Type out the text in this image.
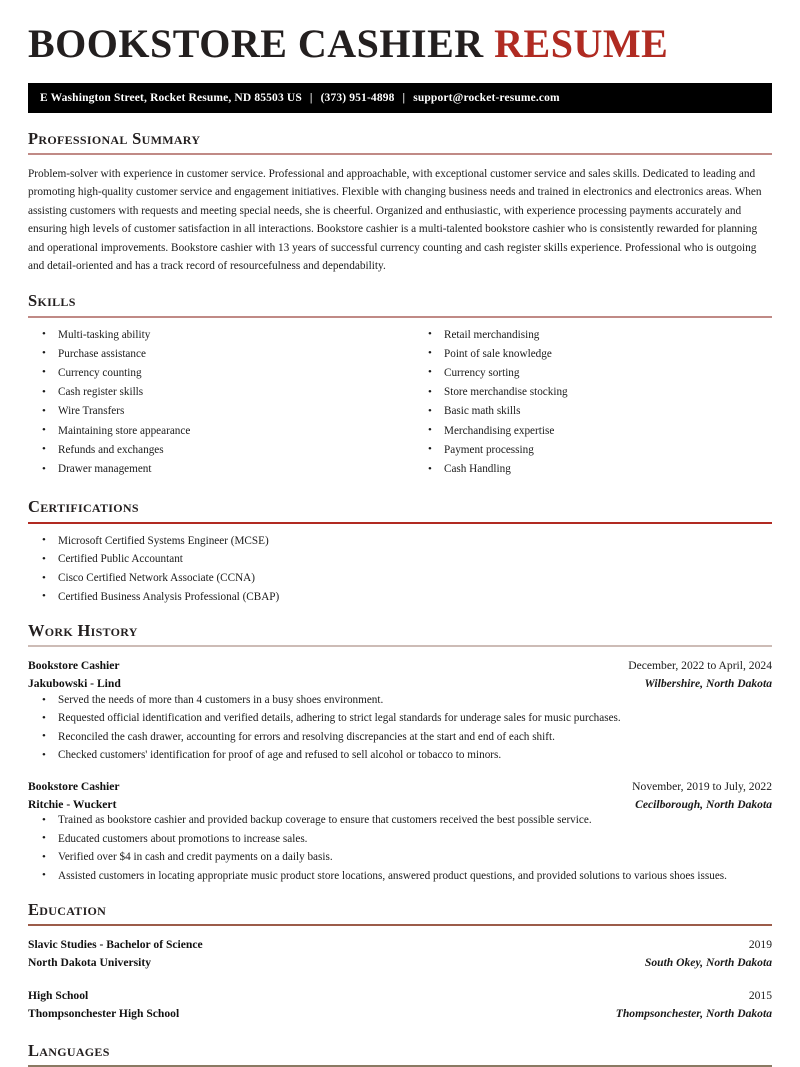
BOOKSTORE CASHIER RESUME
E Washington Street, Rocket Resume, ND 85503 US | (373) 951-4898 | support@rocket-resume.com
Professional Summary

Problem-solver with experience in customer service. Professional and approachable, with exceptional customer service and sales skills. Dedicated to leading and promoting high-quality customer service and engagement initiatives. Flexible with changing business needs and trained in electronics and electronics areas. When assisting customers with requests and meeting special needs, she is cheerful. Organized and enthusiastic, with experience processing payments accurately and ensuring high levels of customer satisfaction in all interactions. Bookstore cashier is a multi-talented bookstore cashier who is consistently rewarded for planning and operational improvements. Bookstore cashier with 13 years of successful currency counting and cash register skills experience. Professional who is outgoing and detail-oriented and has a track record of resourcefulness and dependability.

Skills
• Multi-tasking ability
• Purchase assistance
• Currency counting
• Cash register skills
• Wire Transfers
• Maintaining store appearance
• Refunds and exchanges
• Drawer management
• Retail merchandising
• Point of sale knowledge
• Currency sorting
• Store merchandise stocking
• Basic math skills
• Merchandising expertise
• Payment processing
• Cash Handling
Certifications
• Microsoft Certified Systems Engineer (MCSE)
• Certified Public Accountant
• Cisco Certified Network Associate (CCNA)
• Certified Business Analysis Professional (CBAP)
Work History
Bookstore Cashier	December, 2022 to April, 2024
Jakubowski - Lind	Wilbershire, North Dakota
• Served the needs of more than 4 customers in a busy shoes environment.
• Requested official identification and verified details, adhering to strict legal standards for underage sales for music purchases.
• Reconciled the cash drawer, accounting for errors and resolving discrepancies at the start and end of each shift.
• Checked customers' identification for proof of age and refused to sell alcohol or tobacco to minors.
Bookstore Cashier	November, 2019 to July, 2022
Ritchie - Wuckert	Cecilborough, North Dakota
• Trained as bookstore cashier and provided backup coverage to ensure that customers received the best possible service.
• Educated customers about promotions to increase sales.
• Verified over $4 in cash and credit payments on a daily basis.
• Assisted customers in locating appropriate music product store locations, answered product questions, and provided solutions to various shoes issues.
Education
Slavic Studies - Bachelor of Science	2019
North Dakota University	South Okey, North Dakota
High School	2015
Thompsonchester High School	Thompsonchester, North Dakota
Languages
